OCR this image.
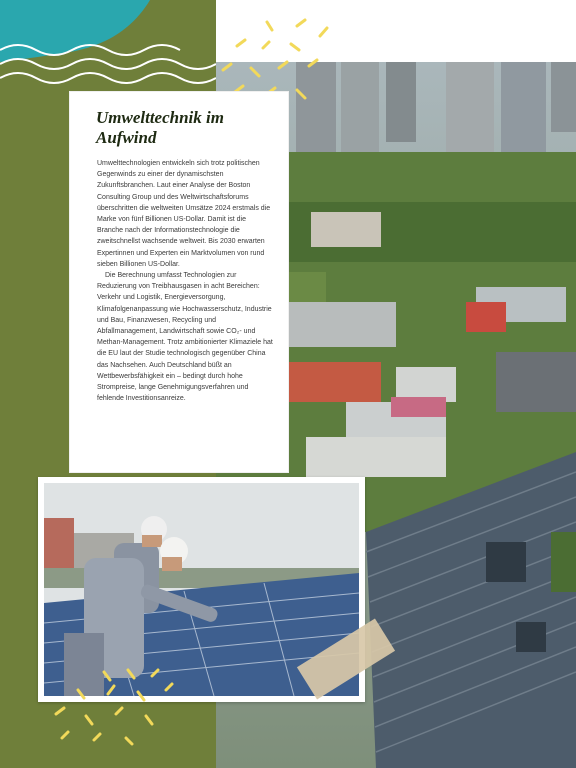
Umwelttechnik im Aufwind

Umwelttechnologien entwickeln sich trotz politischen Gegenwinds zu einer der dynamischsten Zukunftsbranchen. Laut einer Analyse der Boston Consulting Group und des Weltwirtschaftsforums überschritten die weltweiten Umsätze 2024 erstmals die Marke von fünf Billionen US-Dollar. Damit ist die Branche nach der Informationstechnologie die zweitschnellst wachsende weltweit. Bis 2030 erwarten Expertinnen und Experten ein Marktvolumen von rund sieben Billionen US-Dollar.

Die Berechnung umfasst Technologien zur Reduzierung von Treibhausgasen in acht Bereichen: Verkehr und Logistik, Energieversorgung, Klimafolgenanpassung wie Hochwasserschutz, Industrie und Bau, Finanzwesen, Recycling und Abfallmanagement, Landwirtschaft sowie CO₂- und Methan-Management. Trotz ambitionierter Klimaziele hat die EU laut der Studie technologisch gegenüber China das Nachsehen. Auch Deutschland büßt an Wettbewerbsfähigkeit ein – bedingt durch hohe Strompreise, lange Genehmigungsverfahren und fehlende Investitionsanreize.
